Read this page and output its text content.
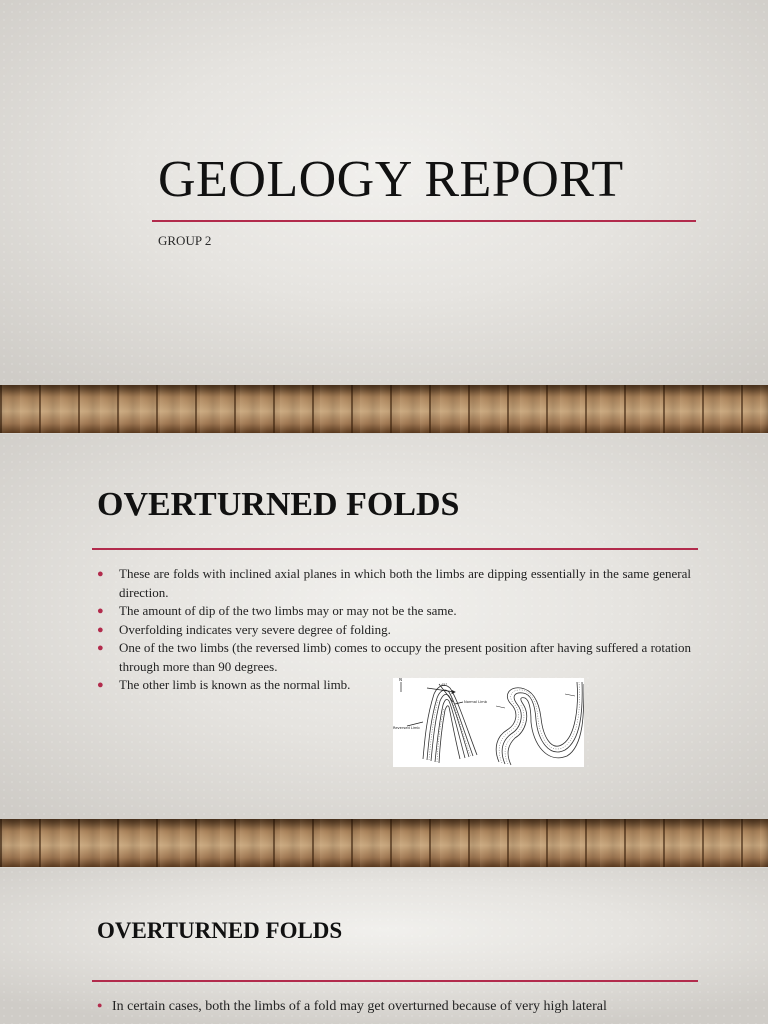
GEOLOGY REPORT
GROUP 2
OVERTURNED FOLDS
● These are folds with inclined axial planes in which both the limbs are dipping essentially in the same general direction.
● The amount of dip of the two limbs may or may not be the same.
● Overfolding indicates very severe degree of folding.
● One of the two limbs (the reversed limb) comes to occupy the present position after having suffered a rotation through more than 90 degrees.
● The other limb is known as the normal limb.	N
45°
Normal Limb
Reversed Limb
OVERTURNED FOLDS
● In certain cases, both the limbs of a fold may get overturned because of very high lateral
